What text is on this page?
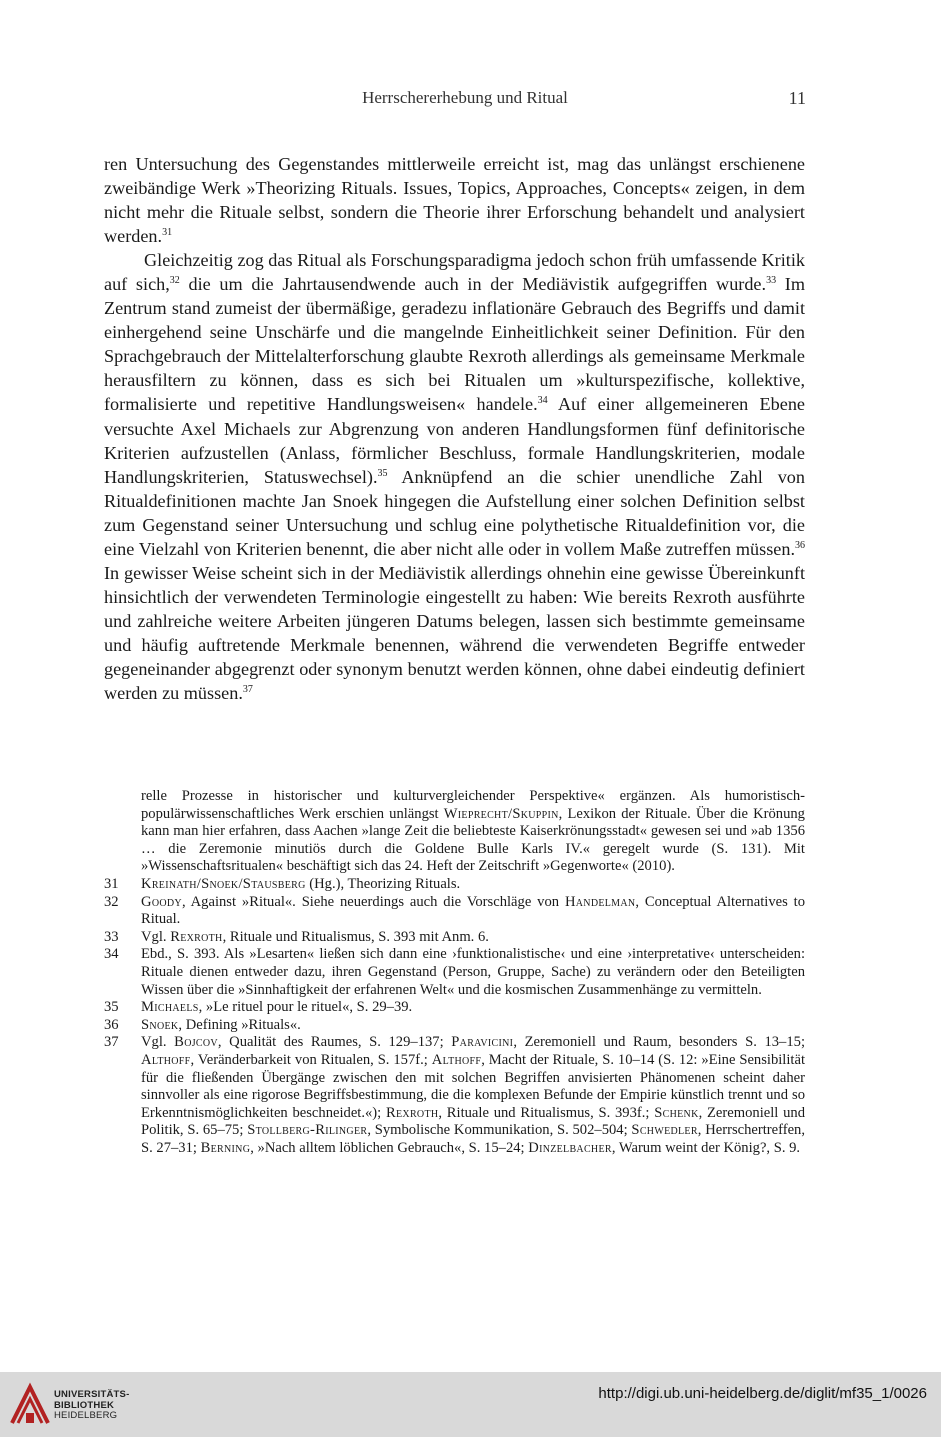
Herrschererhebung und Ritual	11

ren Untersuchung des Gegenstandes mittlerweile erreicht ist, mag das unlängst erschienene zweibändige Werk »Theorizing Rituals. Issues, Topics, Approaches, Concepts« zeigen, in dem nicht mehr die Rituale selbst, sondern die Theorie ihrer Erforschung behandelt und analysiert werden.$^{31}$

Gleichzeitig zog das Ritual als Forschungsparadigma jedoch schon früh umfassende Kritik auf sich,$^{32}$ die um die Jahrtausendwende auch in der Mediävistik aufgegriffen wurde.$^{33}$ Im Zentrum stand zumeist der übermäßige, geradezu inflationäre Gebrauch des Begriffs und damit einhergehend seine Unschärfe und die mangelnde Einheitlichkeit seiner Definition. Für den Sprachgebrauch der Mittelalterforschung glaubte Rexroth allerdings als gemeinsame Merkmale herausfiltern zu können, dass es sich bei Ritualen um »kulturspezifische, kollektive, formalisierte und repetitive Handlungsweisen« handele.$^{34}$ Auf einer allgemeineren Ebene versuchte Axel Michaels zur Abgrenzung von anderen Handlungsformen fünf definitorische Kriterien aufzustellen (Anlass, förmlicher Beschluss, formale Handlungskriterien, modale Handlungskriterien, Statuswechsel).$^{35}$ Anknüpfend an die schier unendliche Zahl von Ritualdefinitionen machte Jan Snoek hingegen die Aufstellung einer solchen Definition selbst zum Gegenstand seiner Untersuchung und schlug eine polythetische Ritualdefinition vor, die eine Vielzahl von Kriterien benennt, die aber nicht alle oder in vollem Maße zutreffen müssen.$^{36}$ In gewisser Weise scheint sich in der Mediävistik allerdings ohnehin eine gewisse Übereinkunft hinsichtlich der verwendeten Terminologie eingestellt zu haben: Wie bereits Rexroth ausführte und zahlreiche weitere Arbeiten jüngeren Datums belegen, lassen sich bestimmte gemeinsame und häufig auftretende Merkmale benennen, während die verwendeten Begriffe entweder gegeneinander abgegrenzt oder synonym benutzt werden können, ohne dabei eindeutig definiert werden zu müssen.$^{37}$

relle Prozesse in historischer und kulturvergleichender Perspektive« ergänzen. Als humoristisch-populärwissenschaftliches Werk erschien unlängst Wieprecht/Skuppin, Lexikon der Rituale. Über die Krönung kann man hier erfahren, dass Aachen »lange Zeit die beliebteste Kaiserkrönungsstadt« gewesen sei und »ab 1356 … die Zeremonie minutiös durch die Goldene Bulle Karls IV.« geregelt wurde (S. 131). Mit »Wissenschaftsritualen« beschäftigt sich das 24. Heft der Zeitschrift »Gegenworte« (2010).

31	Kreinath/Snoek/Stausberg (Hg.), Theorizing Rituals.
32	Goody, Against »Ritual«. Siehe neuerdings auch die Vorschläge von Handelman, Conceptual Alternatives to Ritual.
33	Vgl. Rexroth, Rituale und Ritualismus, S. 393 mit Anm. 6.
34	Ebd., S. 393. Als »Lesarten« ließen sich dann eine ›funktionalistische‹ und eine ›interpretative‹ unterscheiden: Rituale dienen entweder dazu, ihren Gegenstand (Person, Gruppe, Sache) zu verändern oder den Beteiligten Wissen über die »Sinnhaftigkeit der erfahrenen Welt« und die kosmischen Zusammenhänge zu vermitteln.
35	Michaels, »Le rituel pour le rituel«, S. 29–39.
36	Snoek, Defining »Rituals«.
37	Vgl. Bojcov, Qualität des Raumes, S. 129–137; Paravicini, Zeremoniell und Raum, besonders S. 13–15; Althoff, Veränderbarkeit von Ritualen, S. 157f.; Althoff, Macht der Rituale, S. 10–14 (S. 12: »Eine Sensibilität für die fließenden Übergänge zwischen den mit solchen Begriffen anvisierten Phänomenen scheint daher sinnvoller als eine rigorose Begriffsbestimmung, die die komplexen Befunde der Empirie künstlich trennt und so Erkenntnismöglichkeiten beschneidet.«); Rexroth, Rituale und Ritualismus, S. 393f.; Schenk, Zeremoniell und Politik, S. 65–75; Stollberg-Rilinger, Symbolische Kommunikation, S. 502–504; Schwedler, Herrschertreffen, S. 27–31; Berning, »Nach alltem löblichen Gebrauch«, S. 15–24; Dinzelbacher, Warum weint der König?, S. 9.
UNIVERSITÄTS-
BIBLIOTHEK
HEIDELBERG
http://digi.ub.uni-heidelberg.de/diglit/mf35_1/0026
